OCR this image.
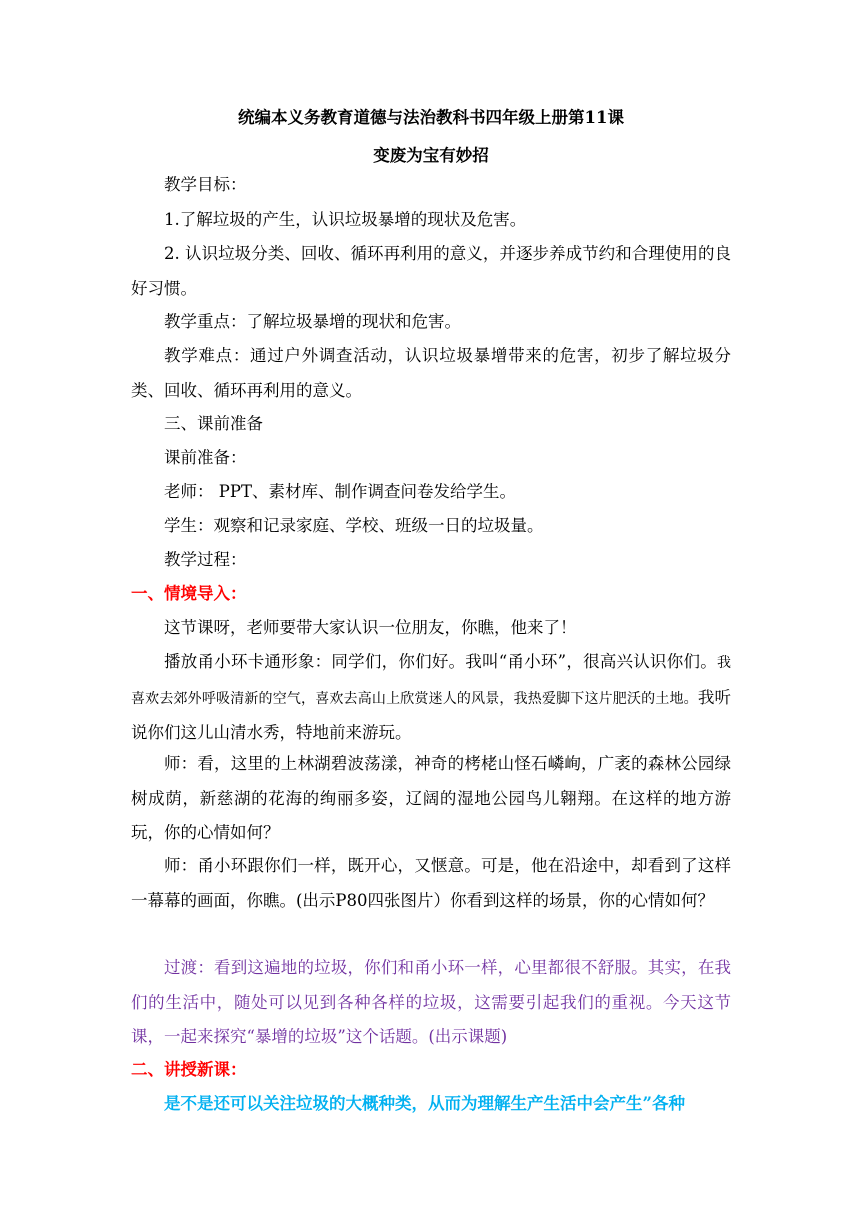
统编本义务教育道德与法治教科书四年级上册第11课
变废为宝有妙招

教学目标：

1.了解垃圾的产生，认识垃圾暴增的现状及危害。

2. 认识垃圾分类、回收、循环再利用的意义，并逐步养成节约和合理使用的良好习惯。

教学重点：了解垃圾暴增的现状和危害。

教学难点：通过户外调查活动，认识垃圾暴增带来的危害，初步了解垃圾分类、回收、循环再利用的意义。

三、课前准备

课前准备：

老师： PPT、素材库、制作调查问卷发给学生。

学生：观察和记录家庭、学校、班级一日的垃圾量。

教学过程：

一、情境导入：

这节课呀，老师要带大家认识一位朋友，你瞧，他来了！

播放甬小环卡通形象：同学们，你们好。我叫“甬小环”，很高兴认识你们。我喜欢去郊外呼吸清新的空气，喜欢去高山上欣赏迷人的风景，我热爱脚下这片肥沃的土地。我听说你们这儿山清水秀，特地前来游玩。

师：看，这里的上林湖碧波荡漾，神奇的栲栳山怪石嶙峋，广袤的森林公园绿树成荫，新慈湖的花海的绚丽多姿，辽阔的湿地公园鸟儿翱翔。在这样的地方游玩，你的心情如何？

师：甬小环跟你们一样，既开心，又惬意。可是，他在沿途中，却看到了这样一幕幕的画面，你瞧。(出示P80四张图片）你看到这样的场景，你的心情如何？

过渡：看到这遍地的垃圾，你们和甬小环一样，心里都很不舒服。其实，在我们的生活中，随处可以见到各种各样的垃圾，这需要引起我们的重视。今天这节课，一起来探究“暴增的垃圾”这个话题。(出示课题)

二、讲授新课：

是不是还可以关注垃圾的大概种类，从而为理解生产生活中会产生”各种
